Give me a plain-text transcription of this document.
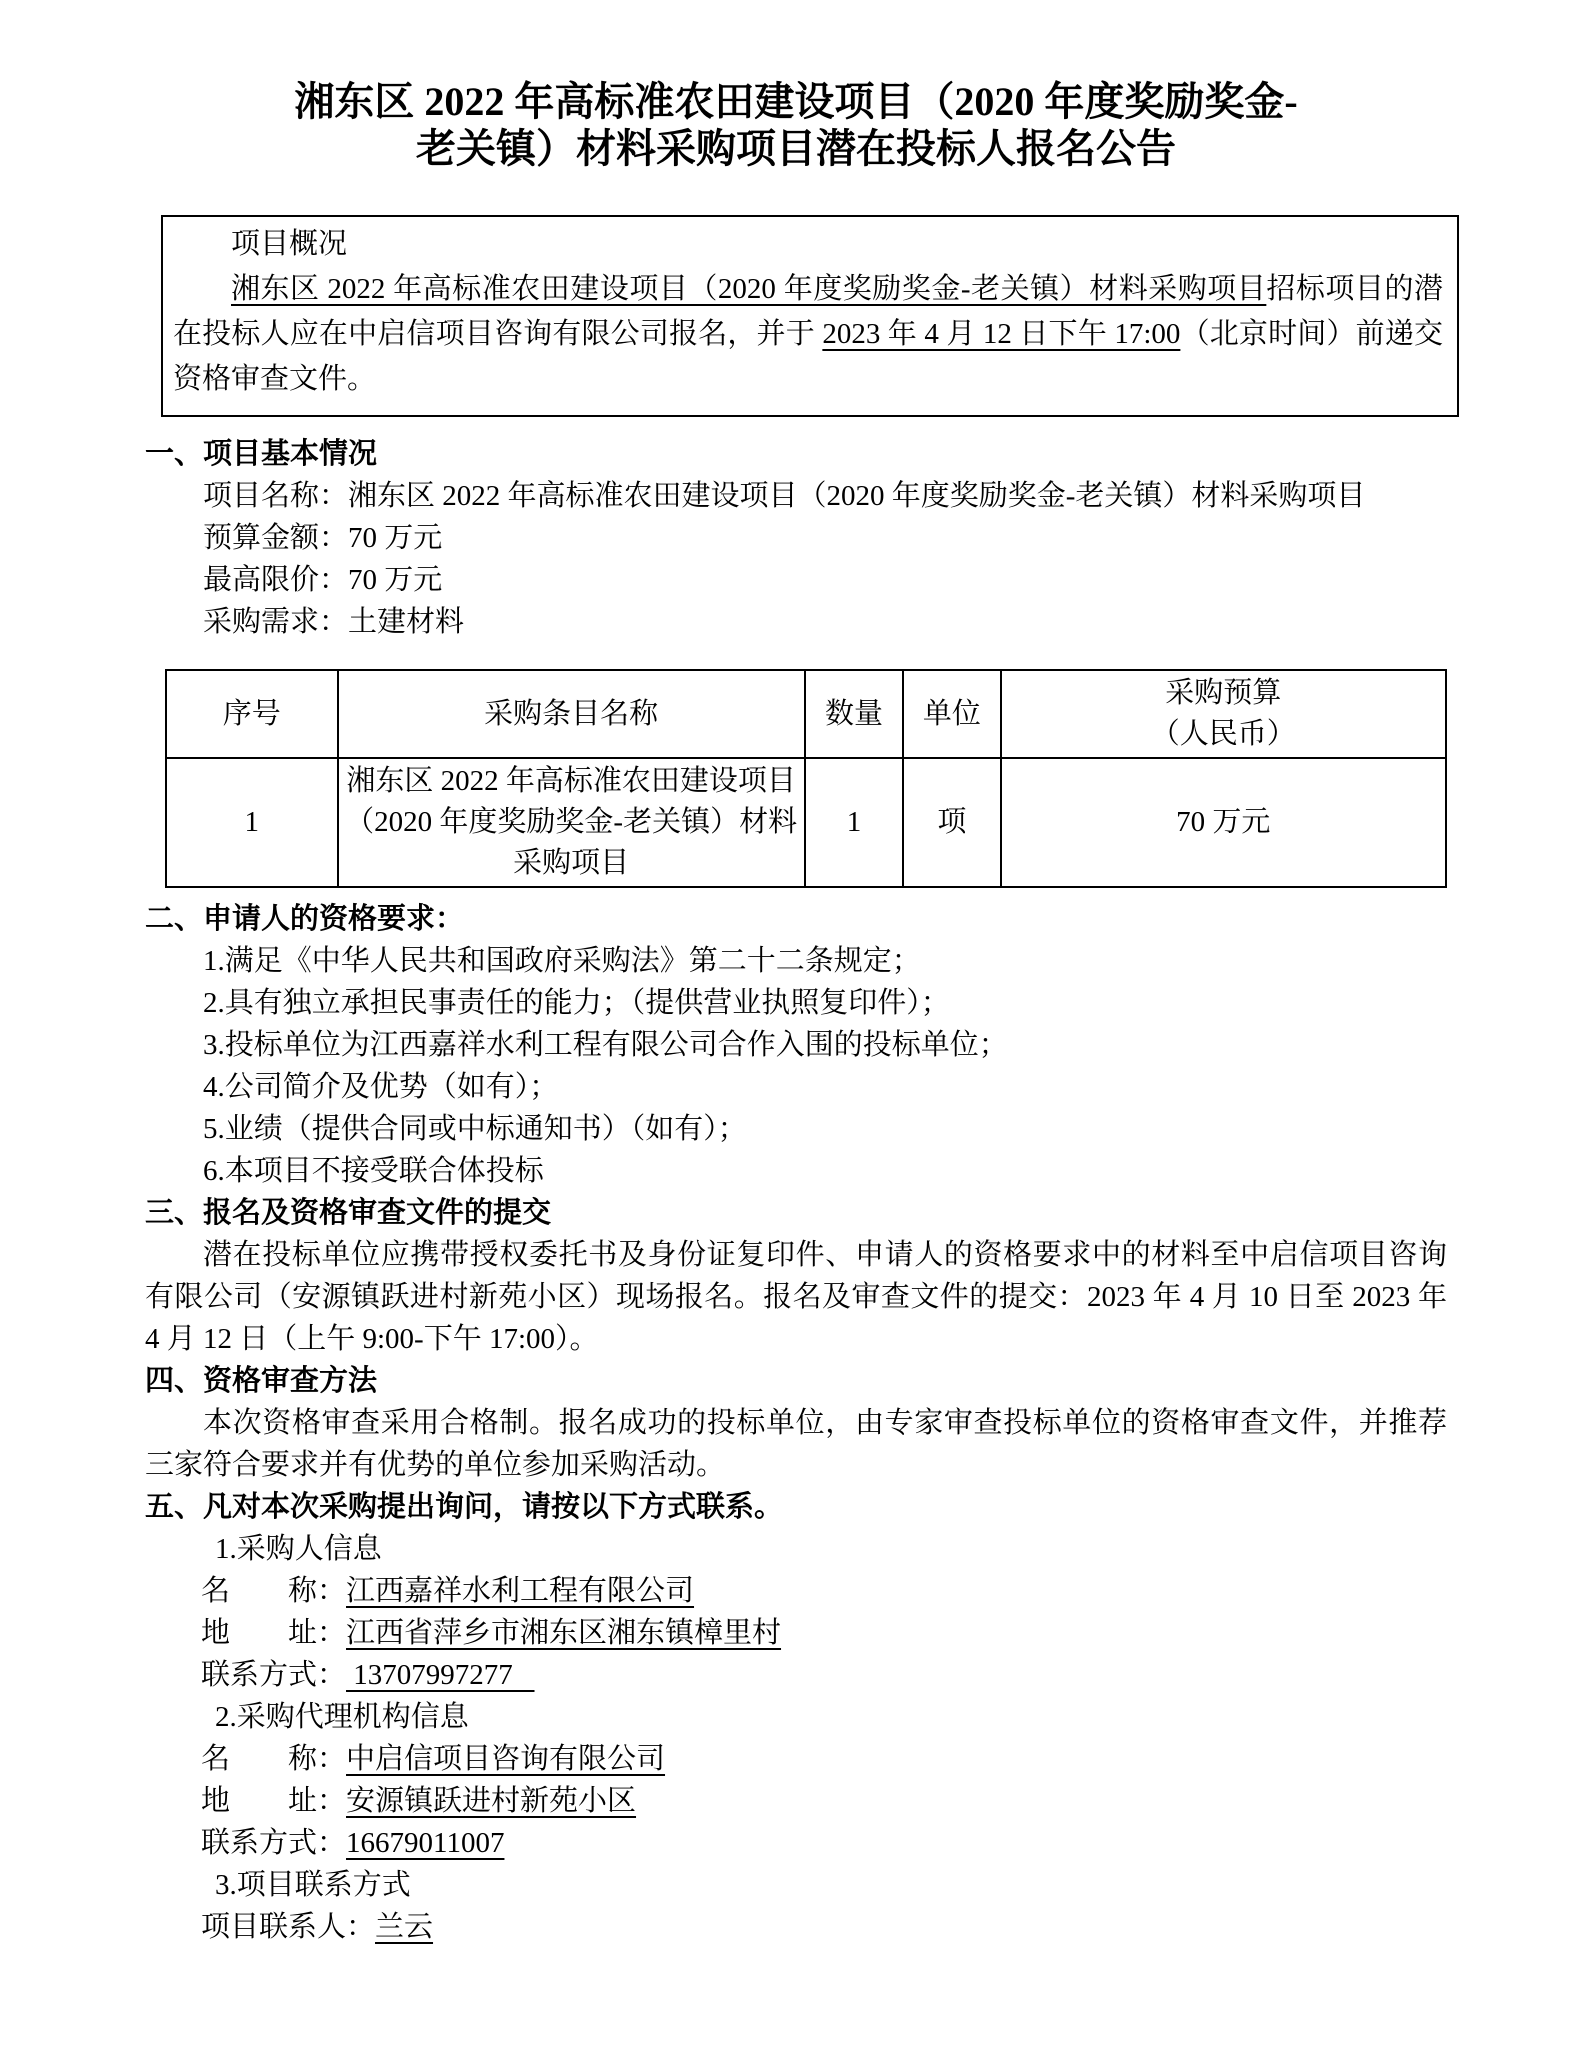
湘东区 2022 年高标准农田建设项目（2020 年度奖励奖金-
老关镇）材料采购项目潜在投标人报名公告
项目概况
湘东区 2022 年高标准农田建设项目（2020 年度奖励奖金-老关镇）材料采购项目招标项目的潜在投标人应在中启信项目咨询有限公司报名，并于 2023 年 4 月 12 日下午 17:00（北京时间）前递交资格审查文件。
一、项目基本情况
项目名称：湘东区 2022 年高标准农田建设项目（2020 年度奖励奖金-老关镇）材料采购项目
预算金额：70 万元
最高限价：70 万元
采购需求：土建材料
序号	采购条目名称	数量	单位	采购预算
（人民币）

1	湘东区 2022 年高标准农田建设项目（2020 年度奖励奖金-老关镇）材料采购项目	1	项	70 万元
二、申请人的资格要求：
1.满足《中华人民共和国政府采购法》第二十二条规定；
2.具有独立承担民事责任的能力；（提供营业执照复印件）；
3.投标单位为江西嘉祥水利工程有限公司合作入围的投标单位；
4.公司简介及优势（如有）；
5.业绩（提供合同或中标通知书）（如有）；
6.本项目不接受联合体投标
三、报名及资格审查文件的提交
潜在投标单位应携带授权委托书及身份证复印件、申请人的资格要求中的材料至中启信项目咨询有限公司（安源镇跃进村新苑小区）现场报名。报名及审查文件的提交：2023 年 4 月 10 日至 2023 年 4 月 12 日（上午 9:00-下午 17:00）。
四、资格审查方法
本次资格审查采用合格制。报名成功的投标单位，由专家审查投标单位的资格审查文件，并推荐三家符合要求并有优势的单位参加采购活动。
五、凡对本次采购提出询问，请按以下方式联系。
1.采购人信息
名　　称：江西嘉祥水利工程有限公司
地　　址：江西省萍乡市湘东区湘东镇樟里村
联系方式： 13707997277
2.采购代理机构信息
名　　称：中启信项目咨询有限公司
地　　址：安源镇跃进村新苑小区
联系方式：16679011007
3.项目联系方式
项目联系人：兰云
